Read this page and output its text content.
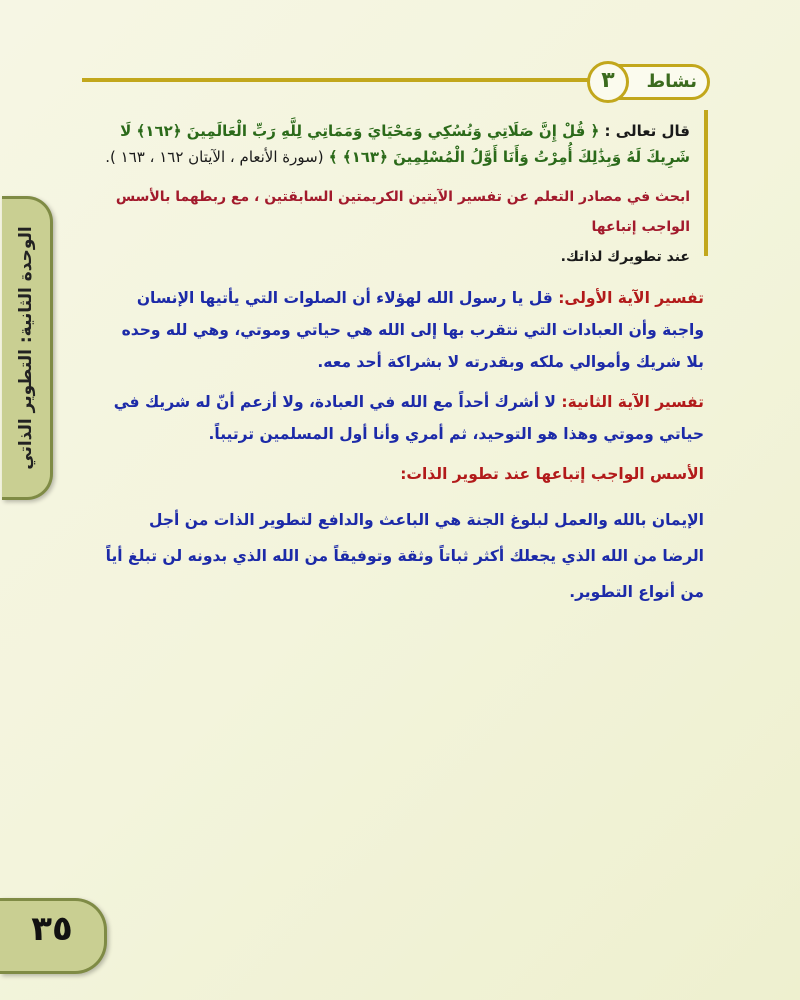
الوحدة الثانية: التطوير الذاتي
٣٥
نشاط
٣
قال تعالى : ﴿ قُلْ إِنَّ صَلَاتِي وَنُسُكِي وَمَحْيَايَ وَمَمَاتِي لِلَّهِ رَبِّ الْعَالَمِينَ ﴿١٦٢﴾ لَا شَرِيكَ لَهُ وَبِذَٰلِكَ أُمِرْتُ وَأَنَا أَوَّلُ الْمُسْلِمِينَ ﴿١٦٣﴾ ﴾ (سورة الأنعام ، الآيتان ١٦٢ ، ١٦٣ ).
ابحث في مصادر التعلم عن تفسير الآيتين الكريمتين السابقتين ، مع ربطهما بالأسس الواجب إتباعها
عند تطويرك لذاتك.

تفسير الآية الأولى: قل يا رسول الله لهؤلاء أن الصلوات التي يأتيها الإنسان واجبة وأن العبادات التي نتقرب بها إلى الله هي حياتي وموتي، وهي لله وحده بلا شريك وأموالي ملكه وبقدرته لا بشراكة أحد معه.

تفسير الآية الثانية: لا أشرك أحداً مع الله في العبادة، ولا أزعم أنّ له شريك في حياتي وموتي وهذا هو التوحيد، ثم أمري وأنا أول المسلمين ترتيباً.

الأسس الواجب إتباعها عند تطوير الذات:

الإيمان بالله والعمل لبلوغ الجنة هي الباعث والدافع لتطوير الذات من أجل الرضا من الله الذي يجعلك أكثر ثباتاً وثقة وتوفيقاً من الله الذي بدونه لن تبلغ أياً من أنواع التطوير.
